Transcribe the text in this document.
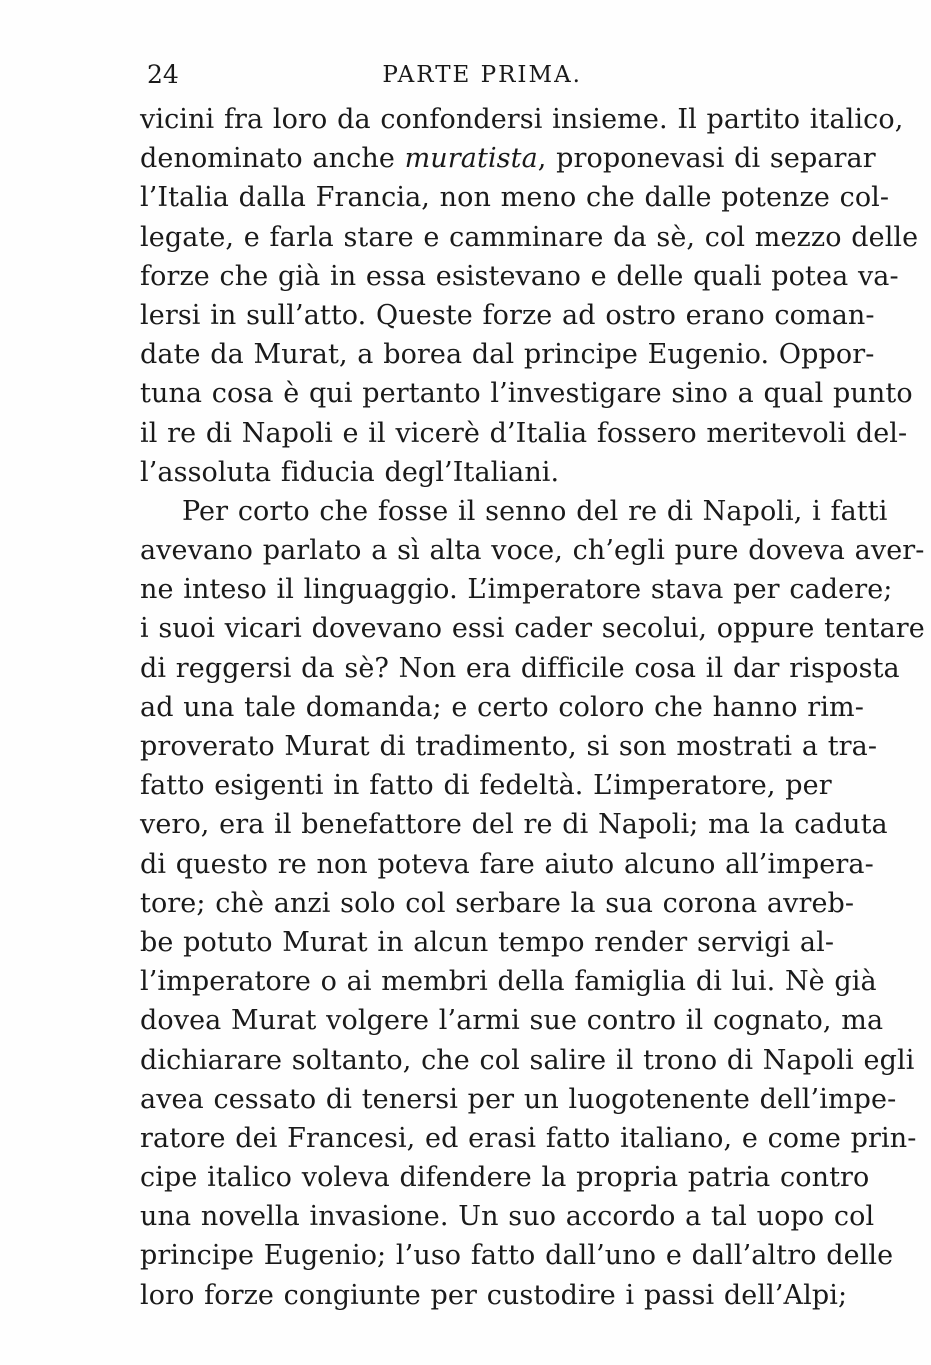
24	PARTE PRIMA.
vicini fra loro da confondersi insieme. Il partito italico,
denominato anche muratista, proponevasi di separar
l’Italia dalla Francia, non meno che dalle potenze col-
legate, e farla stare e camminare da sè, col mezzo delle
forze che già in essa esistevano e delle quali potea va-
lersi in sull’atto. Queste forze ad ostro erano coman-
date da Murat, a borea dal principe Eugenio. Oppor-
tuna cosa è qui pertanto l’investigare sino a qual punto
il re di Napoli e il vicerè d’Italia fossero meritevoli del-
l’assoluta fiducia degl’Italiani.
Per corto che fosse il senno del re di Napoli, i fatti
avevano parlato a sì alta voce, ch’egli pure doveva aver-
ne inteso il linguaggio. L’imperatore stava per cadere;
i suoi vicari dovevano essi cader secolui, oppure tentare
di reggersi da sè? Non era difficile cosa il dar risposta
ad una tale domanda; e certo coloro che hanno rim-
proverato Murat di tradimento, si son mostrati a tra-
fatto esigenti in fatto di fedeltà. L’imperatore, per
vero, era il benefattore del re di Napoli; ma la caduta
di questo re non poteva fare aiuto alcuno all’impera-
tore; chè anzi solo col serbare la sua corona avreb-
be potuto Murat in alcun tempo render servigi al-
l’imperatore o ai membri della famiglia di lui. Nè già
dovea Murat volgere l’armi sue contro il cognato, ma
dichiarare soltanto, che col salire il trono di Napoli egli
avea cessato di tenersi per un luogotenente dell’impe-
ratore dei Francesi, ed erasi fatto italiano, e come prin-
cipe italico voleva difendere la propria patria contro
una novella invasione. Un suo accordo a tal uopo col
principe Eugenio; l’uso fatto dall’uno e dall’altro delle
loro forze congiunte per custodire i passi dell’Alpi;
